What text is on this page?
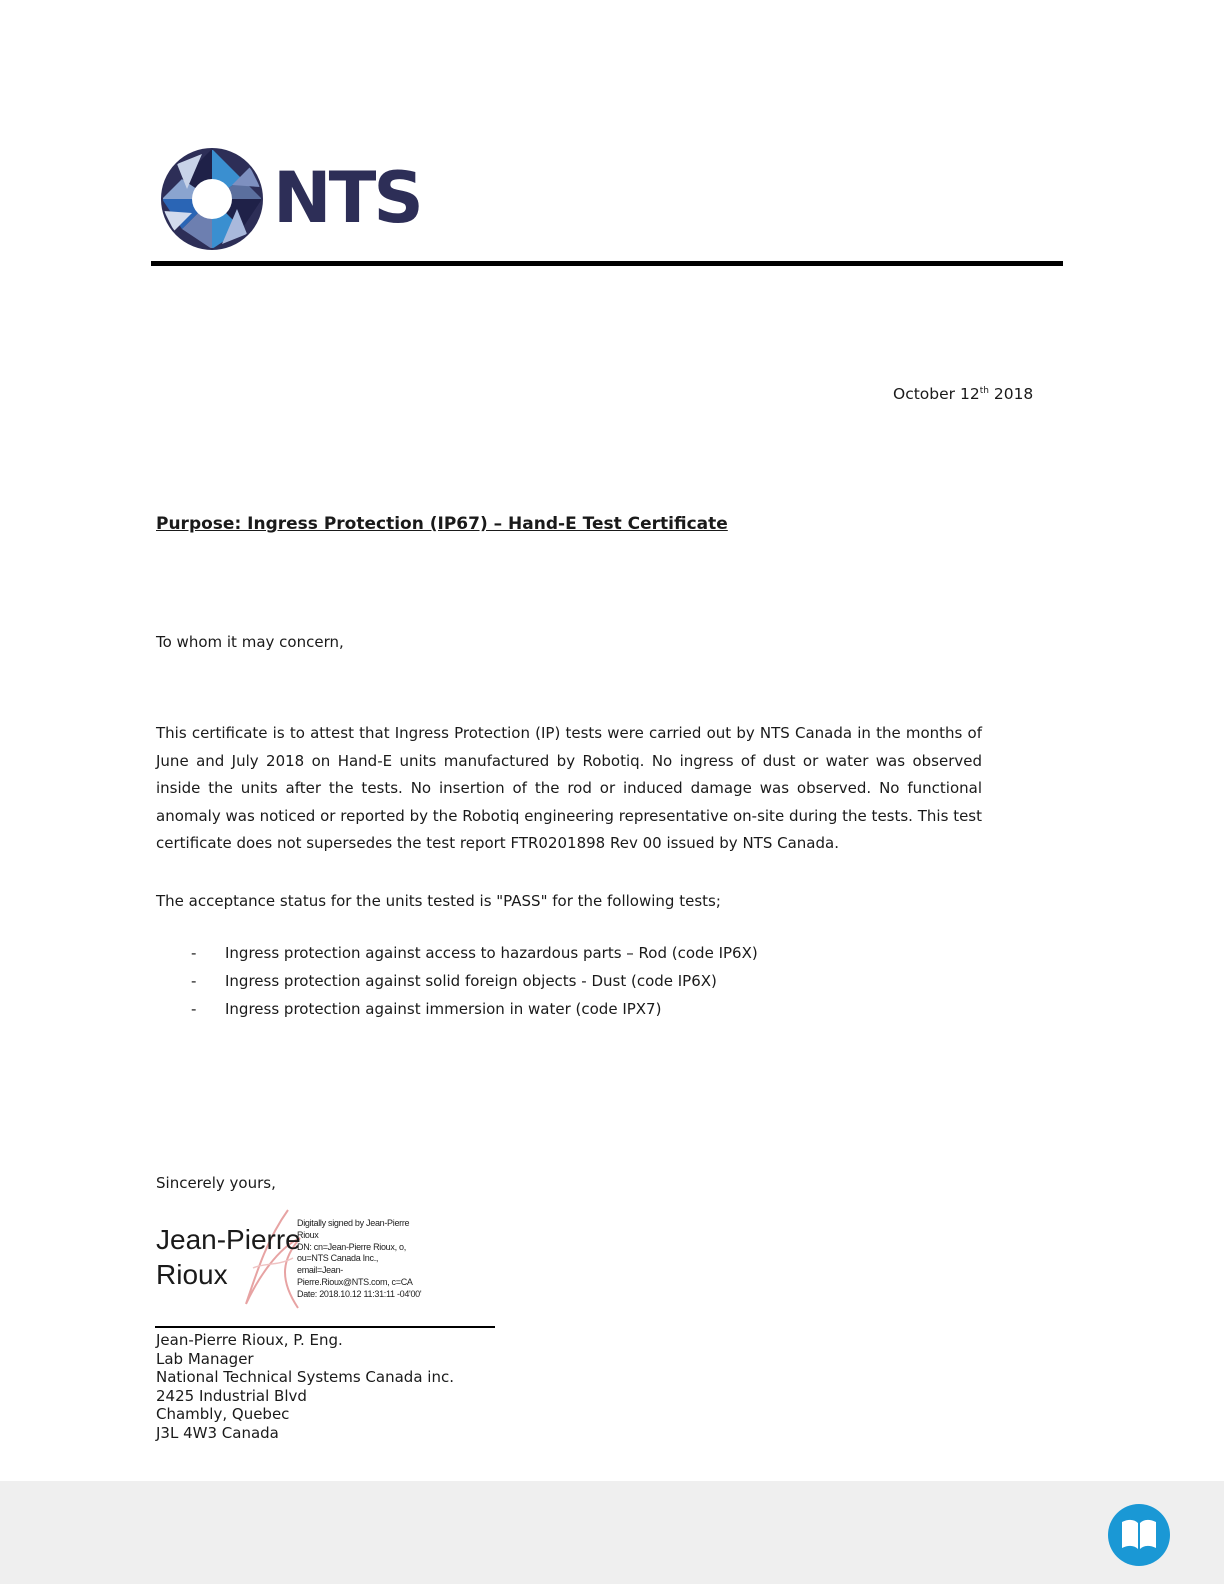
NTS
October 12th 2018
Purpose: Ingress Protection (IP67) – Hand-E Test Certificate
To whom it may concern,
This certificate is to attest that Ingress Protection (IP) tests were carried out by NTS Canada in the months of June and July 2018 on Hand-E units manufactured by Robotiq. No ingress of dust or water was observed inside the units after the tests. No insertion of the rod or induced damage was observed. No functional anomaly was noticed or reported by the Robotiq engineering representative on-site during the tests. This test certificate does not supersedes the test report FTR0201898 Rev 00 issued by NTS Canada.
The acceptance status for the units tested is "PASS" for the following tests;
- Ingress protection against access to hazardous parts – Rod (code IP6X)
- Ingress protection against solid foreign objects - Dust (code IP6X)
- Ingress protection against immersion in water (code IPX7)
Sincerely yours,
Jean-Pierre
Rioux
Digitally signed by Jean-Pierre
Rioux
DN: cn=Jean-Pierre Rioux, o,
ou=NTS Canada Inc.,
email=Jean-
Pierre.Rioux@NTS.com, c=CA
Date: 2018.10.12 11:31:11 -04'00'
Jean-Pierre Rioux, P. Eng.
Lab Manager
National Technical Systems Canada inc.
2425 Industrial Blvd
Chambly, Quebec
J3L 4W3 Canada
